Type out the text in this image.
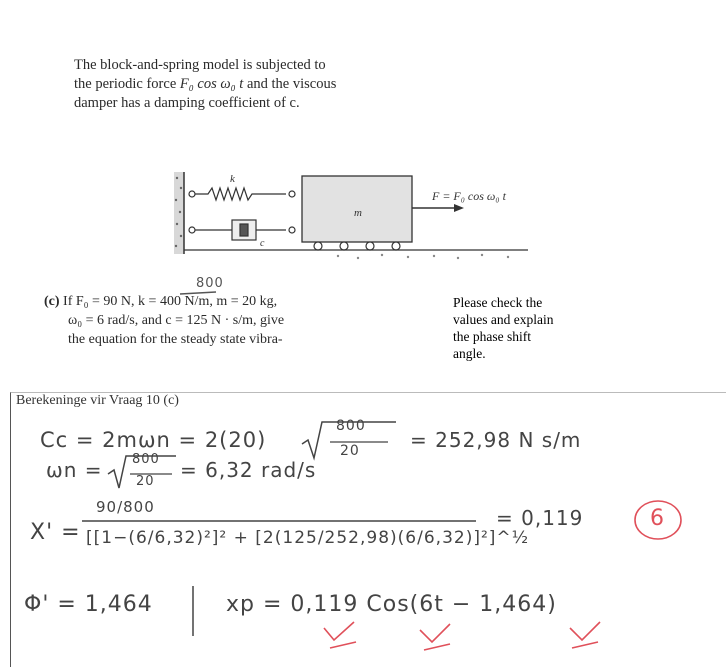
The block-and-spring model is subjected to
the periodic force F₀ cos ω₀ t and the viscous
damper has a damping coefficient of c.
k
c
m
F = F₀ cos ω₀ t
(c) If F₀ = 90 N, k = 400 N/m, m = 20 kg,
ω₀ = 6 rad/s, and c = 125 N · s/m, give
the equation for the steady state vibra-
800
Please check the
values and explain
the phase shift
angle.
Berekeninge vir Vraag 10 (c)
Cc = 2mωn = 2(20)
800
20	= 252,98 N s/m
ωn = 800
20 = 6,32 rad/s
X' =
90/800
[[1−(6/6,32)²]² + [2(125/252,98)(6/6,32)]²]^½
= 0,119	6
Φ' = 1,464	xp = 0,119 Cos(6t − 1,464)
